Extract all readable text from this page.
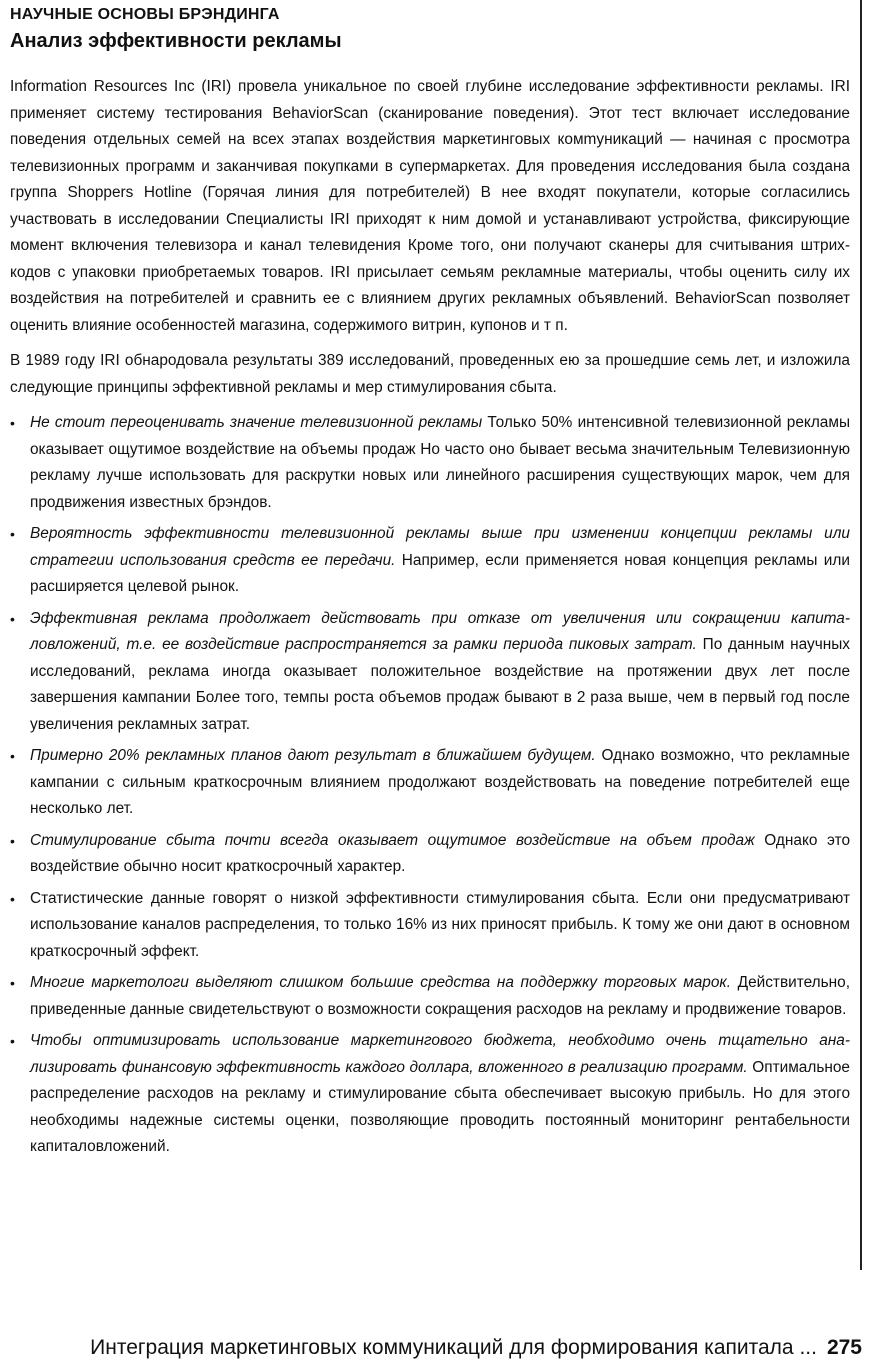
НАУЧНЫЕ ОСНОВЫ БРЭНДИНГА
Анализ эффективности рекламы

Information Resources Inc (IRI) провела уникальное по своей глубине исследование эффективности рекламы. IRI применяет систему тестирования BehaviorScan (сканирование поведения). Этот тест включает исследование поведения отдельных семей на всех этапах воздействия маркетинговых комmуникаций — начиная с просмотра телевизионных программ и заканчивая покупками в супермаркетах. Для проведения исследования была создана группа Shoppers Hotline (Горячая линия для потребителей) В нее входят покупатели, которые согласились участвовать в исследовании Специалисты IRI приходят к ним домой и устанавливают устройства, фиксирующие момент включения телевизора и канал телевидения Кроме того, они получают сканеры для считывания штрих-кодов с упаковки приобретаемых товаров. IRI присылает семьям рекламные материалы, чтобы оценить силу их воздействия на потребителей и сравнить ее с влиянием других рекламных объявлений. BehaviorScan позволяет оценить влияние особенностей магазина, содержимого витрин, купонов и т п.

В 1989 году IRI обнародовала результаты 389 исследований, проведенных ею за прошедшие семь лет, и изложила следующие принципы эффективной рекламы и мер стимулирования сбыта.

• Не стоит переоценивать значение телевизионной рекламы Только 50% интенсивной телевизионной рекламы оказывает ощутимое воздействие на объемы продаж Но часто оно бывает весьма значительным Телевизионную рекламу лучше использовать для раскрутки новых или линейного расширения существующих марок, чем для продвижения известных брэндов.
• Вероятность эффективности телевизионной рекламы выше при изменении концепции рекламы или стратегии использования средств ее передачи. Например, если применяется новая концепция рекламы или расширяется целевой рынок.
• Эффективная реклама продолжает действовать при отказе от увеличения или сокращении капиталовложений, т.е. ее воздействие распространяется за рамки периода пиковых затрат. По данным научных исследований, реклама иногда оказывает положительное воздействие на протяжении двух лет после завершения кампании Более того, темпы роста объемов продаж бывают в 2 раза выше, чем в первый год после увеличения рекламных затрат.
• Примерно 20% рекламных планов дают результат в ближайшем будущем. Однако возможно, что рекламные кампании с сильным краткосрочным влиянием продолжают воздействовать на поведение потребителей еще несколько лет.
• Стимулирование сбыта почти всегда оказывает ощутимое воздействие на объем продаж Однако это воздействие обычно носит краткосрочный характер.
• Статистические данные говорят о низкой эффективности стимулирования сбыта. Если они предусматривают использование каналов распределения, то только 16% из них приносят прибыль. К тому же они дают в основном краткосрочный эффект.
• Многие маркетологи выделяют слишком большие средства на поддержку торговых марок. Действительно, приведенные данные свидетельствуют о возможности сокращения расходов на рекламу и продвижение товаров.
• Чтобы оптимизировать использование маркетингового бюджета, необходимо очень тщательно анализировать финансовую эффективность каждого доллара, вложенного в реализацию программ. Оптимальное распределение расходов на рекламу и стимулирование сбыта обеспечивает высокую прибыль. Но для этого необходимы надежные системы оценки, позволяющие проводить постоянный мониторинг рентабельности капиталовложений.
Интеграция маркетинговых коммуникаций для формирования капитала ... 275
